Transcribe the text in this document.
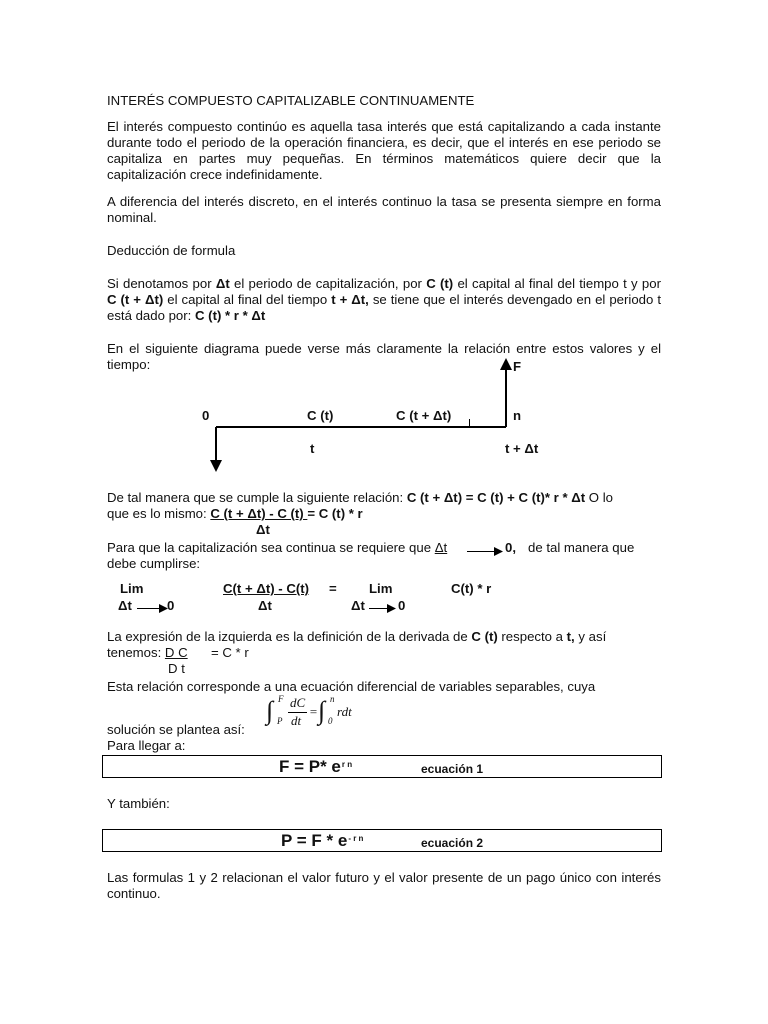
INTERÉS COMPUESTO CAPITALIZABLE CONTINUAMENTE
El interés compuesto continúo es aquella tasa interés que está capitalizando a cada instante durante todo el periodo de la operación financiera, es decir, que el interés en ese periodo se capitaliza en partes muy pequeñas. En términos matemáticos quiere decir que la capitalización crece indefinidamente.
A diferencia del interés discreto, en el interés continuo la tasa se presenta siempre en forma nominal.
Deducción de formula
Si denotamos por Δt el periodo de capitalización, por C (t) el capital al final del tiempo t y por C (t + Δt) el capital al final del tiempo t + Δt, se tiene que el interés devengado en el periodo t está dado por: C (t) * r * Δt
En el siguiente diagrama puede verse más claramente la relación entre estos valores y el tiempo:	F
0	C (t)	C (t + Δt)	n
t	t + Δt
De tal manera que se cumple la siguiente relación: C (t + Δt) = C (t) + C (t)* r * Δt O lo
que es lo mismo: C (t + Δt) - C (t) = C (t) * r
Δt
Para que la capitalización sea continua se requiere que Δt	0, de tal manera que
debe cumplirse:
Lim
Δt	0
C(t + Δt) - C(t) =
Δt
Lim	C(t) * r
Δt	0
La expresión de la izquierda es la definición de la derivada de C (t) respecto a t, y así
tenemos: D C = C * r
D t
Esta relación corresponde a una ecuación diferencial de variables separables, cuya
solución se plantea así:
∫ F
P
dC
dt
= ∫ n
0
rdt
Para llegar a:
F = P* $e^{r n}$	ecuación 1
Y también:
$P = F * e^{- r n}$	ecuación 2
Las formulas 1 y 2 relacionan el valor futuro y el valor presente de un pago único con interés continuo.
